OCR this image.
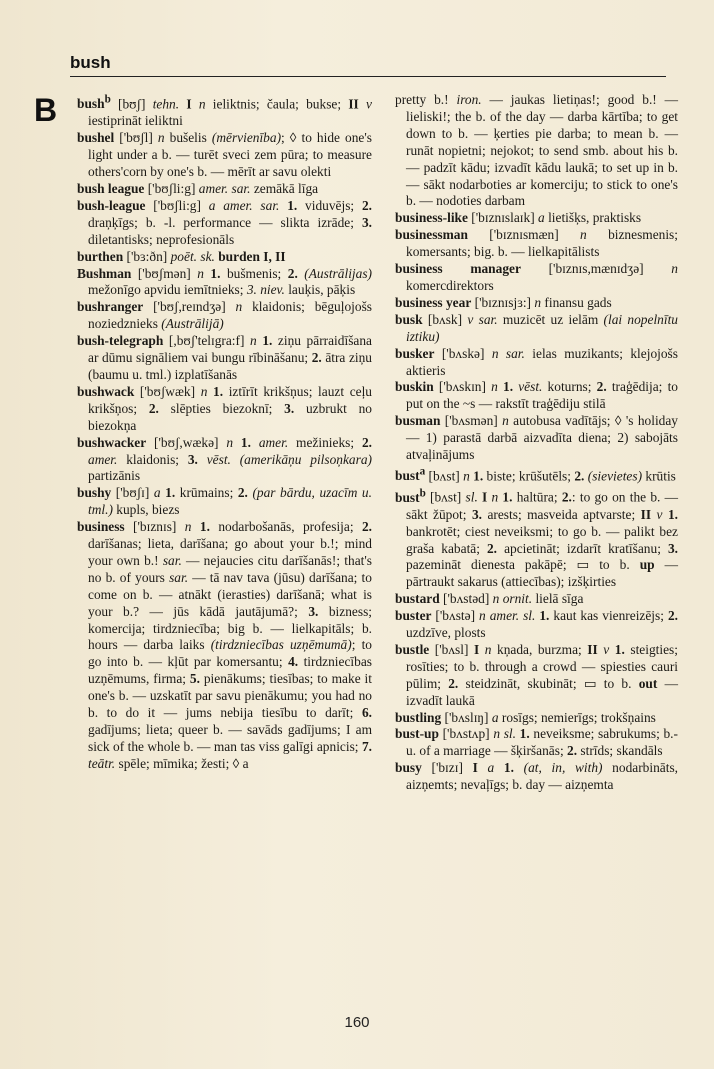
bush
B bush$^b$ [bʊʃ] tehn. I n ieliktnis; čaula; bukse; II v iestiprināt ieliktni

bushel ['bʊʃl] n bušelis (mērvienība); ◊ to hide one's light under a b. — turēt sveci zem pūra; to measure others'corn by one's b. — mērīt ar savu olekti

bush league ['bʊʃli:g] amer. sar. zemākā līga

bush-league ['bʊʃli:g] a amer. sar. 1. viduvējs; 2. draņķīgs; b. -l. performance — slikta izrāde; 3. diletantisks; neprofesionāls

burthen ['bɜ:ðn] poēt. sk. burden I, II

Bushman ['bʊʃmən] n 1. bušmenis; 2. (Austrālijas) mežonīgo apvidu iemītnieks; 3. niev. lauķis, pāķis

bushranger ['bʊʃ,reɪndʒə] n klaidonis; bēguļojošs noziedznieks (Austrālijā)

bush-telegraph [,bʊʃ'telɪgra:f] n 1. ziņu pārraidīšana ar dūmu signāliem vai bungu rībināšanu; 2. ātra ziņu (baumu u. tml.) izplatīšanās

bushwack ['bʊʃwæk] n 1. iztīrīt krikšņus; lauzt ceļu krikšņos; 2. slēpties biezoknī; 3. uzbrukt no biezokņa

bushwacker ['bʊʃ,wækə] n 1. amer. mežinieks; 2. amer. klaidonis; 3. vēst. (amerikāņu pilsoņkara) partizānis

bushy ['bʊʃɪ] a 1. krūmains; 2. (par bārdu, uzacīm u. tml.) kupls, biezs

business ['bɪznɪs] n 1. nodarbošanās, profesija; 2. darīšanas; lieta, darīšana; go about your b.!; mind your own b.! sar. — nejaucies citu darīšanās!; that's no b. of yours sar. — tā nav tava (jūsu) darīšana; to come on b. — atnākt (ierasties) darīšanā; what is your b.? — jūs kādā jautājumā?; 3. bizness; komercija; tirdzniecība; big b. — lielkapitāls; b. hours — darba laiks (tirdzniecības uzņēmumā); to go into b. — kļūt par komersantu; 4. tirdzniecības uzņēmums, firma; 5. pienākums; tiesības; to make it one's b. — uzskatīt par savu pienākumu; you had no b. to do it — jums nebija tiesību to darīt; 6. gadījums; lieta; queer b. — savāds gadījums; I am sick of the whole b. — man tas viss galīgi apnicis; 7. teātr. spēle; mīmika; žesti; ◊ a

pretty b.! iron. — jaukas lietiņas!; good b.! — lieliski!; the b. of the day — darba kārtība; to get down to b. — ķerties pie darba; to mean b. — runāt nopietni; nejokot; to send smb. about his b. — padzīt kādu; izvadīt kādu laukā; to set up in b. — sākt nodarboties ar komerciju; to stick to one's b. — nodoties darbam

business-like ['bɪznɪslaɪk] a lietišķs, praktisks

businessman ['bɪznɪsmæn] n biznesmenis; komersants; big. b. — lielkapitālists

business manager ['bɪznɪs,mænɪdʒə] n komercdirektors

business year ['bɪznɪsjɜ:] n finansu gads

busk [bʌsk] v sar. muzicēt uz ielām (lai nopelnītu iztiku)

busker ['bʌskə] n sar. ielas muzikants; klejojošs aktieris

buskin ['bʌskɪn] n 1. vēst. koturns; 2. traģēdija; to put on the ~s — rakstīt traģēdiju stilā

busman ['bʌsmən] n autobusa vadītājs; ◊ 's holiday — 1) parastā darbā aizvadīta diena; 2) sabojāts atvaļinājums

bust$^a$ [bʌst] n 1. biste; krūšutēls; 2. (sievietes) krūtis

bust$^b$ [bʌst] sl. I n 1. haltūra; 2.: to go on the b. — sākt žūpot; 3. arests; masveida aptvarste; II v 1. bankrotēt; ciest neveiksmi; to go b. — palikt bez graša kabatā; 2. apcietināt; izdarīt kratīšanu; 3. pazemināt dienesta pakāpē; ▭ to b. up — pārtraukt sakarus (attiecības); izšķirties

bustard ['bʌstəd] n ornit. lielā sīga

buster ['bʌstə] n amer. sl. 1. kaut kas vienreizējs; 2. uzdzīve, plosts

bustle ['bʌsl] I n kņada, burzma; II v 1. steigties; rosīties; to b. through a crowd — spiesties cauri pūlim; 2. steidzināt, skubināt; ▭ to b. out — izvadīt laukā

bustling ['bʌslɪŋ] a rosīgs; nemierīgs; trokšņains

bust-up ['bʌstʌp] n sl. 1. neveiksme; sabrukums; b.-u. of a marriage — šķiršanās; 2. strīds; skandāls

busy ['bɪzɪ] I a 1. (at, in, with) nodarbināts, aizņemts; nevaļīgs; b. day — aizņemta

160
